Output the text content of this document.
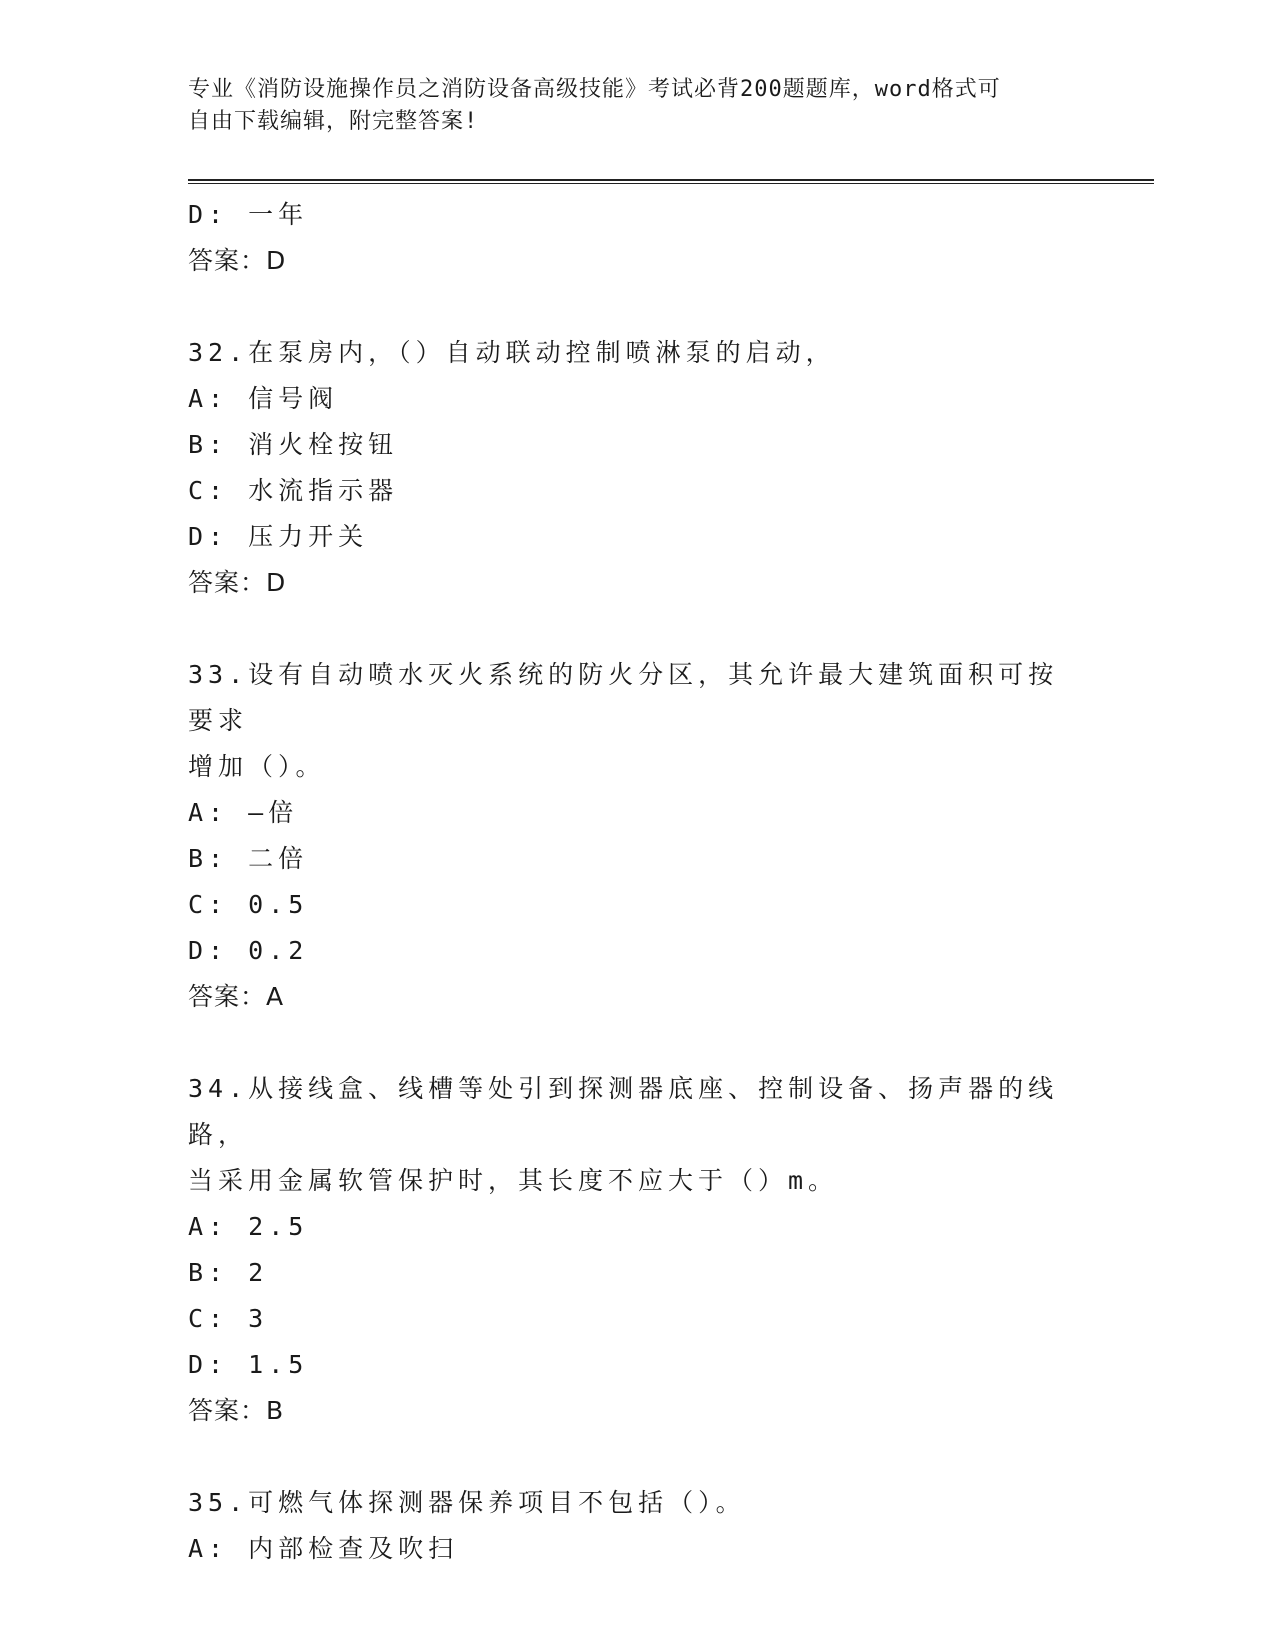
专业《消防设施操作员之消防设备高级技能》考试必背200题题库，word格式可
自由下载编辑，附完整答案!

D: 一年

答案：D

32.在泵房内，（）自动联动控制喷淋泵的启动，

A: 信号阀

B: 消火栓按钮

C: 水流指示器

D: 压力开关

答案：D

33.设有自动喷水灭火系统的防火分区，其允许最大建筑面积可按要求

增加（）。

A: —倍

B: 二倍

C: 0.5

D: 0.2

答案：A

34.从接线盒、线槽等处引到探测器底座、控制设备、扬声器的线路，

当采用金属软管保护时，其长度不应大于（）m。

A: 2.5

B: 2

C: 3

D: 1.5

答案：B

35.可燃气体探测器保养项目不包括（）。

A: 内部检查及吹扫
